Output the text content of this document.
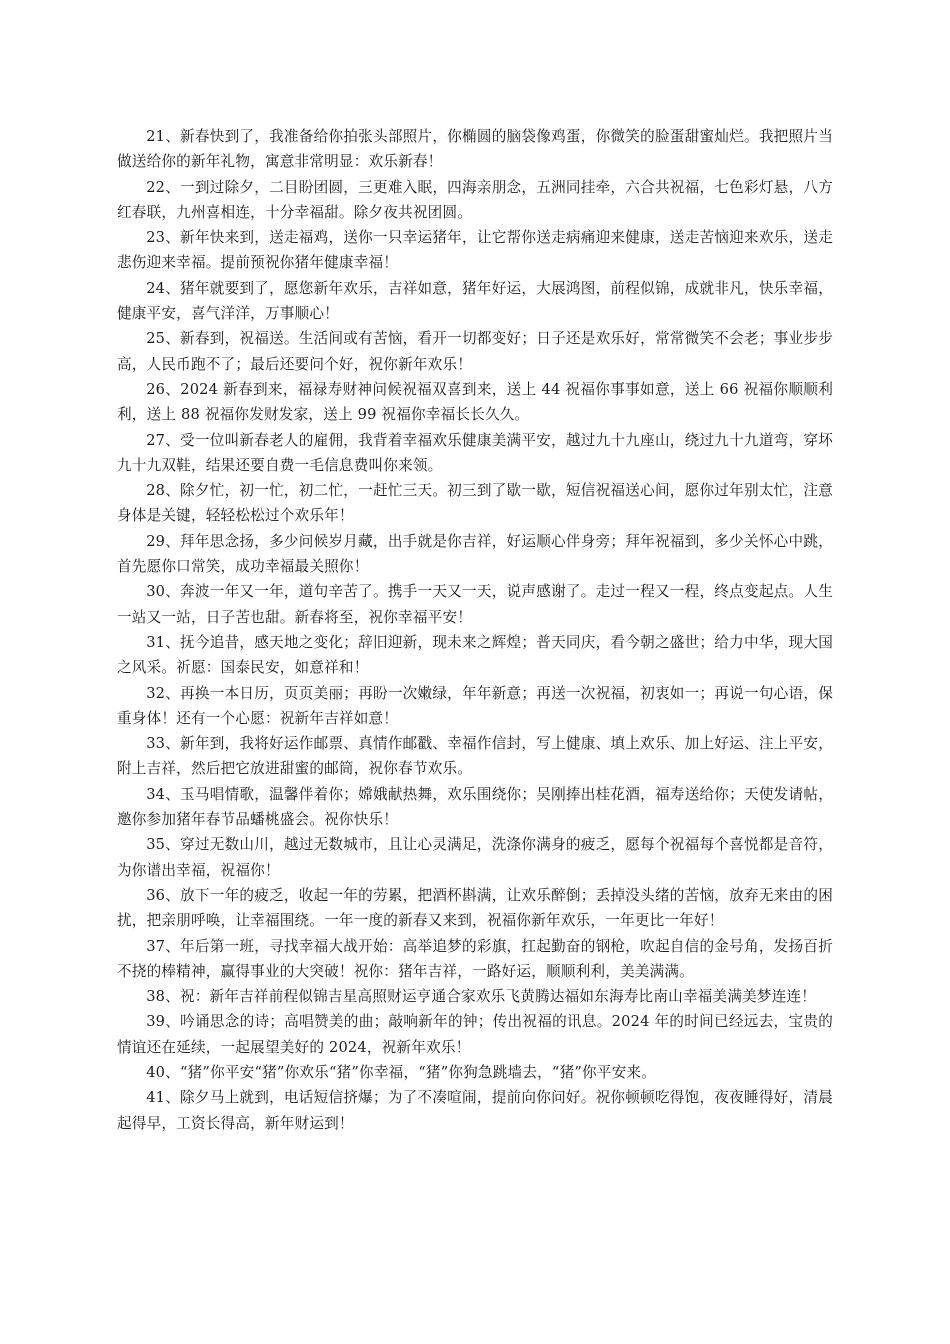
21、新春快到了，我准备给你拍张头部照片，你椭圆的脑袋像鸡蛋，你微笑的脸蛋甜蜜灿烂。我把照片当做送给你的新年礼物，寓意非常明显：欢乐新春！

22、一到过除夕，二目盼团圆，三更难入眠，四海亲朋念，五洲同挂牵，六合共祝福，七色彩灯悬，八方红春联，九州喜相连，十分幸福甜。除夕夜共祝团圆。

23、新年快来到，送走福鸡，送你一只幸运猪年，让它帮你送走病痛迎来健康，送走苦恼迎来欢乐，送走悲伤迎来幸福。提前预祝你猪年健康幸福！

24、猪年就要到了，愿您新年欢乐，吉祥如意，猪年好运，大展鸿图，前程似锦，成就非凡，快乐幸福，健康平安，喜气洋洋，万事顺心！

25、新春到，祝福送。生活间或有苦恼，看开一切都变好；日子还是欢乐好，常常微笑不会老；事业步步高，人民币跑不了；最后还要问个好，祝你新年欢乐！

26、2024 新春到来，福禄寿财神问候祝福双喜到来，送上 44 祝福你事事如意，送上 66 祝福你顺顺利利，送上 88 祝福你发财发家，送上 99 祝福你幸福长长久久。

27、受一位叫新春老人的雇佣，我背着幸福欢乐健康美满平安，越过九十九座山，绕过九十九道弯，穿坏九十九双鞋，结果还要自费一毛信息费叫你来领。

28、除夕忙，初一忙，初二忙，一赶忙三天。初三到了歇一歇，短信祝福送心间，愿你过年别太忙，注意身体是关键，轻轻松松过个欢乐年！

29、拜年思念扬，多少问候岁月藏，出手就是你吉祥，好运顺心伴身旁；拜年祝福到，多少关怀心中跳，首先愿你口常笑，成功幸福最关照你！

30、奔波一年又一年，道句辛苦了。携手一天又一天，说声感谢了。走过一程又一程，终点变起点。人生一站又一站，日子苦也甜。新春将至，祝你幸福平安！

31、抚今追昔，感天地之变化；辞旧迎新，现未来之辉煌；普天同庆，看今朝之盛世；给力中华，现大国之风采。祈愿：国泰民安，如意祥和！

32、再换一本日历，页页美丽；再盼一次嫩绿，年年新意；再送一次祝福，初衷如一；再说一句心语，保重身体！还有一个心愿：祝新年吉祥如意！

33、新年到，我将好运作邮票、真情作邮戳、幸福作信封，写上健康、填上欢乐、加上好运、注上平安，附上吉祥，然后把它放进甜蜜的邮筒，祝你春节欢乐。

34、玉马唱情歌，温馨伴着你；嫦娥献热舞，欢乐围绕你；吴刚捧出桂花酒，福寿送给你；天使发请帖，邀你参加猪年春节品蟠桃盛会。祝你快乐！

35、穿过无数山川，越过无数城市，且让心灵满足，洗涤你满身的疲乏，愿每个祝福每个喜悦都是音符，为你谱出幸福，祝福你！

36、放下一年的疲乏，收起一年的劳累，把酒杯斟满，让欢乐醉倒；丢掉没头绪的苦恼，放弃无来由的困扰，把亲朋呼唤，让幸福围绕。一年一度的新春又来到，祝福你新年欢乐，一年更比一年好！

37、年后第一班，寻找幸福大战开始：高举追梦的彩旗，扛起勤奋的钢枪，吹起自信的金号角，发扬百折不挠的棒精神，赢得事业的大突破！祝你：猪年吉祥，一路好运，顺顺利利，美美满满。

38、祝：新年吉祥前程似锦吉星高照财运亨通合家欢乐飞黄腾达福如东海寿比南山幸福美满美梦连连！

39、吟诵思念的诗；高唱赞美的曲；敲响新年的钟；传出祝福的讯息。2024 年的时间已经远去，宝贵的情谊还在延续，一起展望美好的 2024，祝新年欢乐！

40、“猪”你平安“猪”你欢乐“猪”你幸福，“猪”你狗急跳墙去，“猪”你平安来。

41、除夕马上就到，电话短信挤爆；为了不凑喧闹，提前向你问好。祝你顿顿吃得饱，夜夜睡得好，清晨起得早，工资长得高，新年财运到！
